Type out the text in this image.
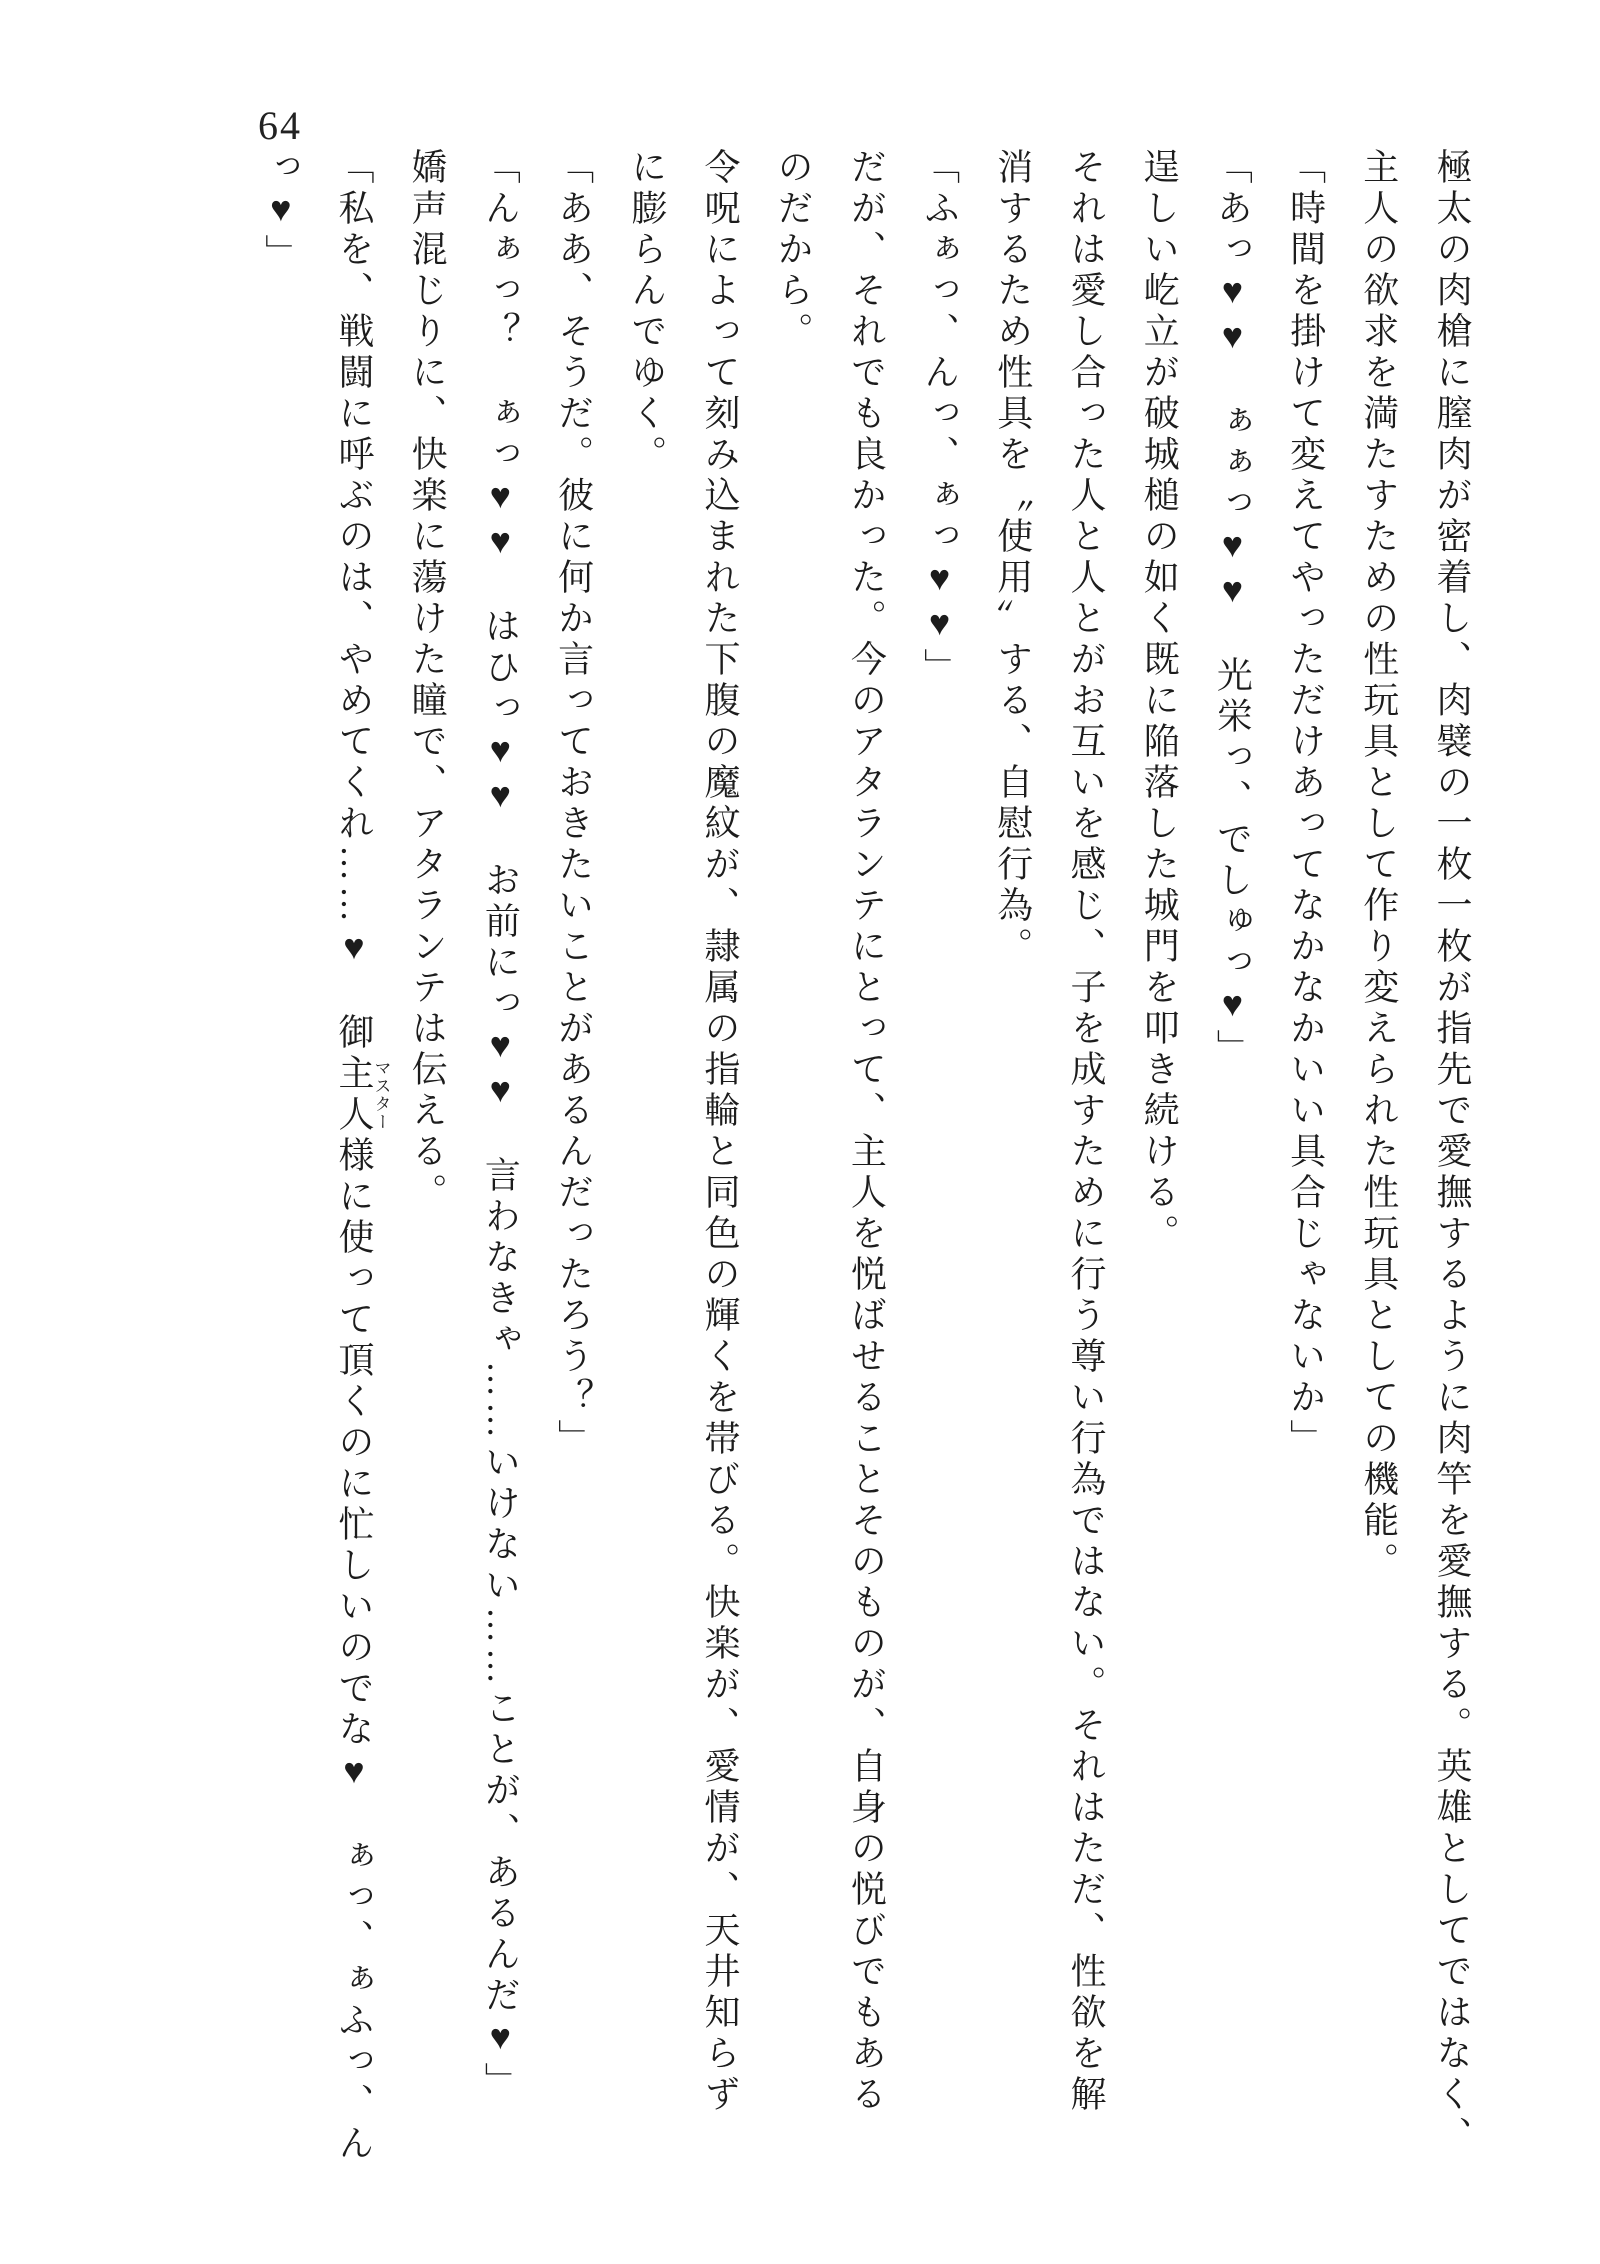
64
極太の肉槍に膣肉が密着し、肉襞の一枚一枚が指先で愛撫するように肉竿を愛撫する。英雄としてではなく、
主人の欲求を満たすための性玩具として作り変えられた性玩具としての機能。
「時間を掛けて変えてやっただけあってなかなかいい具合じゃないか」
「あっ♥♥　ぁぁっ♥♥　光栄っ、でしゅっ♥」
逞しい屹立が破城槌の如く既に陥落した城門を叩き続ける。
それは愛し合った人と人とがお互いを感じ、子を成すために行う尊い行為ではない。それはただ、性欲を解
消するため性具を〝使用〟する、自慰行為。
「ふぁっ、んっ、ぁっ♥♥」
だが、それでも良かった。今のアタランテにとって、主人を悦ばせることそのものが、自身の悦びでもある
のだから。
令呪によって刻み込まれた下腹の魔紋が、隷属の指輪と同色の輝くを帯びる。快楽が、愛情が、天井知らず
に膨らんでゆく。
「ああ、そうだ。彼に何か言っておきたいことがあるんだったろう？」
「んぁっ？　ぁっ♥♥　はひっ♥♥　お前にっ♥♥　言わなきゃ……いけない……ことが、あるんだ♥」
嬌声混じりに、快楽に蕩けた瞳で、アタランテは伝える。
「私を、戦闘に呼ぶのは、やめてくれ……♥　御主人様マスターに使って頂くのに忙しいのでな♥　ぁっ、ぁふっ、ん
っ♥」
